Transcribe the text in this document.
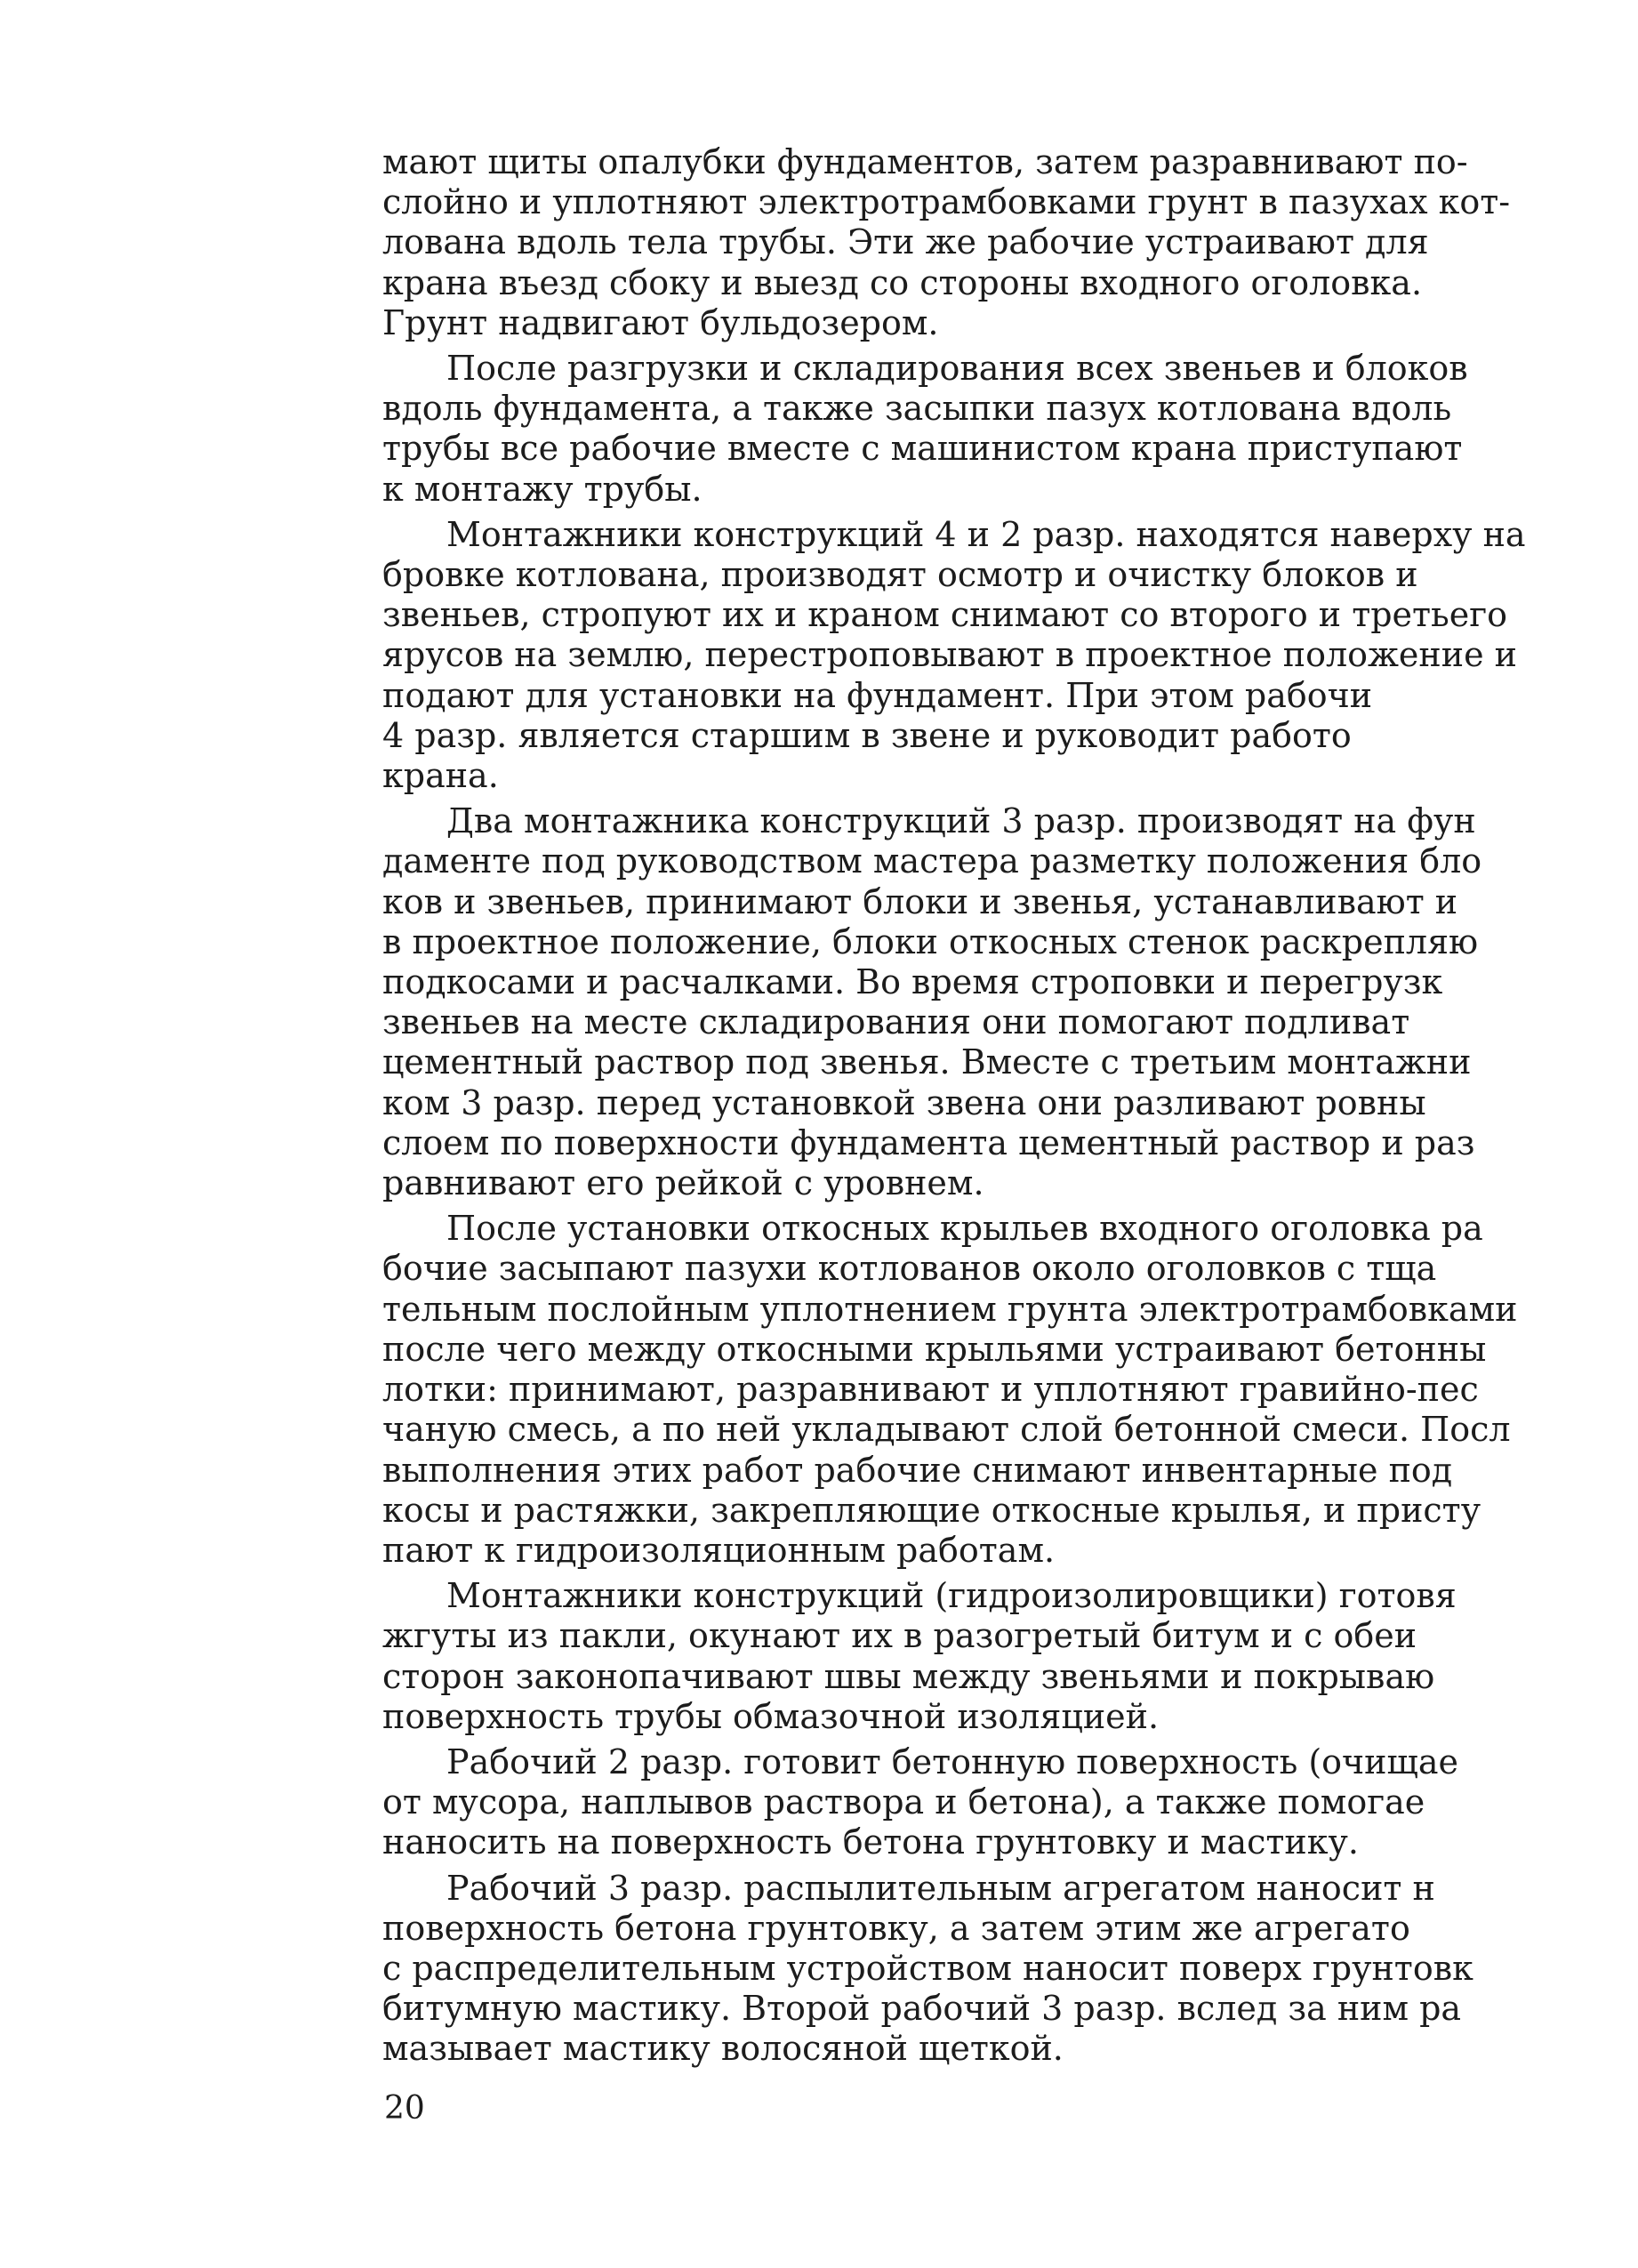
мают щиты опалубки фундаментов, затем разравнивают по-
слойно и уплотняют электротрамбовками грунт в пазухах кот-
лована вдоль тела трубы. Эти же рабочие устраивают для
крана въезд сбоку и выезд со стороны входного оголовка.
Грунт надвигают бульдозером.
После разгрузки и складирования всех звеньев и блоков
вдоль фундамента, а также засыпки пазух котлована вдоль
трубы все рабочие вместе с машинистом крана приступают
к монтажу трубы.
Монтажники конструкций 4 и 2 разр. находятся наверху на
бровке котлована, производят осмотр и очистку блоков и
звеньев, стропуют их и краном снимают со второго и третьего
ярусов на землю, перестроповывают в проектное положение и
подают для установки на фундамент. При этом рабочи
4 разр. является старшим в звене и руководит работо
крана.
Два монтажника конструкций 3 разр. производят на фун
даменте под руководством мастера разметку положения бло
ков и звеньев, принимают блоки и звенья, устанавливают и
в проектное положение, блоки откосных стенок раскрепляю
подкосами и расчалками. Во время строповки и перегрузк
звеньев на месте складирования они помогают подливат
цементный раствор под звенья. Вместе с третьим монтажни
ком 3 разр. перед установкой звена они разливают ровны
слоем по поверхности фундамента цементный раствор и раз
равнивают его рейкой с уровнем.
После установки откосных крыльев входного оголовка ра
бочие засыпают пазухи котлованов около оголовков с тща
тельным послойным уплотнением грунта электротрамбовками
после чего между откосными крыльями устраивают бетонны
лотки: принимают, разравнивают и уплотняют гравийно-пес
чаную смесь, а по ней укладывают слой бетонной смеси. Посл
выполнения этих работ рабочие снимают инвентарные под
косы и растяжки, закрепляющие откосные крылья, и присту
пают к гидроизоляционным работам.
Монтажники конструкций (гидроизолировщики) готовя
жгуты из пакли, окунают их в разогретый битум и с обеи
сторон законопачивают швы между звеньями и покрываю
поверхность трубы обмазочной изоляцией.
Рабочий 2 разр. готовит бетонную поверхность (очищае
от мусора, наплывов раствора и бетона), а также помогае
наносить на поверхность бетона грунтовку и мастику.
Рабочий 3 разр. распылительным агрегатом наносит н
поверхность бетона грунтовку, а затем этим же агрегато
с распределительным устройством наносит поверх грунтовк
битумную мастику. Второй рабочий 3 разр. вслед за ним ра
мазывает мастику волосяной щеткой.
20
